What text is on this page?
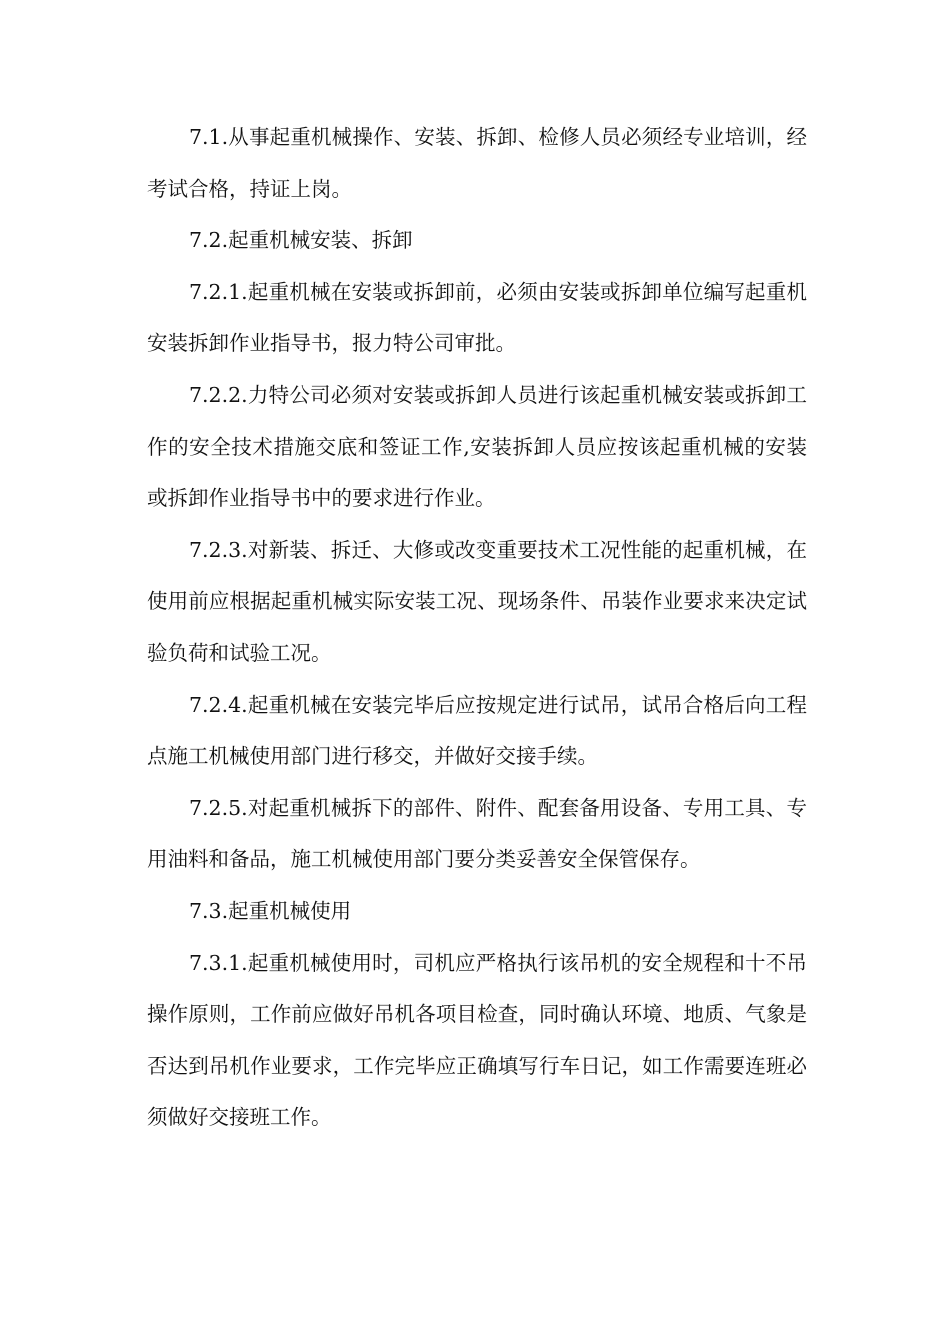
7.1.从事起重机械操作、安装、拆卸、检修人员必须经专业培训，经考试合格，持证上岗。

7.2.起重机械安装、拆卸

7.2.1.起重机械在安装或拆卸前，必须由安装或拆卸单位编写起重机安装拆卸作业指导书，报力特公司审批。

7.2.2.力特公司必须对安装或拆卸人员进行该起重机械安装或拆卸工作的安全技术措施交底和签证工作,安装拆卸人员应按该起重机械的安装或拆卸作业指导书中的要求进行作业。

7.2.3.对新装、拆迁、大修或改变重要技术工况性能的起重机械，在使用前应根据起重机械实际安装工况、现场条件、吊装作业要求来决定试验负荷和试验工况。

7.2.4.起重机械在安装完毕后应按规定进行试吊，试吊合格后向工程点施工机械使用部门进行移交，并做好交接手续。

7.2.5.对起重机械拆下的部件、附件、配套备用设备、专用工具、专用油料和备品，施工机械使用部门要分类妥善安全保管保存。

7.3.起重机械使用

7.3.1.起重机械使用时，司机应严格执行该吊机的安全规程和十不吊操作原则，工作前应做好吊机各项目检查，同时确认环境、地质、气象是否达到吊机作业要求，工作完毕应正确填写行车日记，如工作需要连班必须做好交接班工作。
